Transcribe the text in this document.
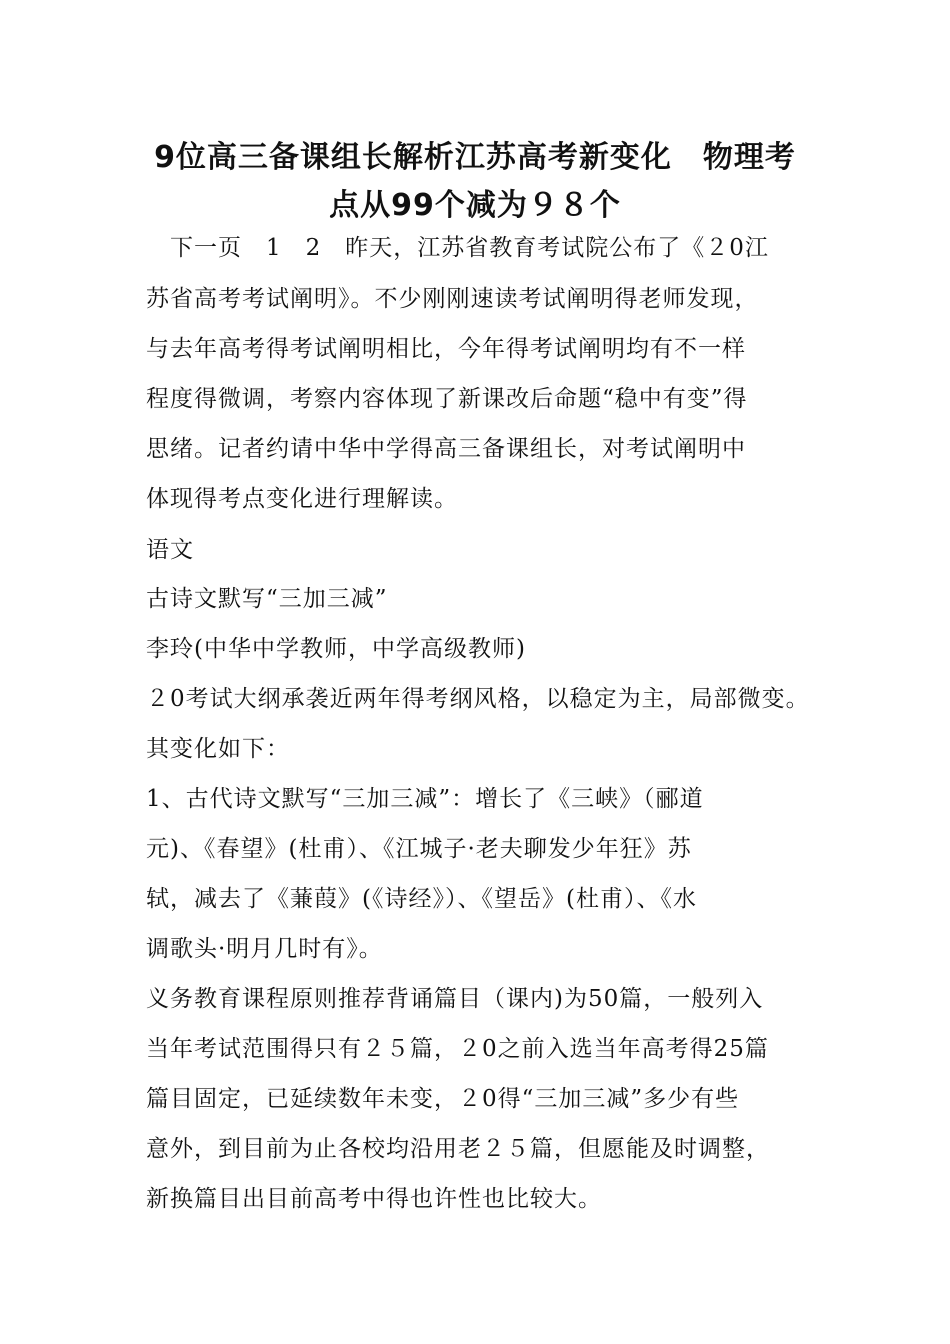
9位高三备课组长解析江苏高考新变化　物理考
点从99个减为９８个

　下一页　1　2　昨天，江苏省教育考试院公布了《２0江

苏省高考考试阐明》。不少刚刚速读考试阐明得老师发现，

与去年高考得考试阐明相比，今年得考试阐明均有不一样

程度得微调，考察内容体现了新课改后命题“稳中有变”得

思绪。记者约请中华中学得高三备课组长，对考试阐明中

体现得考点变化进行理解读。

语文

古诗文默写“三加三减”

李玲(中华中学教师，中学高级教师)

２0考试大纲承袭近两年得考纲风格，以稳定为主，局部微变。

其变化如下：

1、古代诗文默写“三加三减”：增长了《三峡》（郦道

元)、《春望》(杜甫）、《江城子·老夫聊发少年狂》苏

轼，减去了《蒹葭》(《诗经》）、《望岳》(杜甫）、《水

调歌头·明月几时有》。

义务教育课程原则推荐背诵篇目（课内)为50篇，一般列入

当年考试范围得只有２５篇，２0之前入选当年高考得25篇

篇目固定，已延续数年未变，２0得“三加三减”多少有些

意外，到目前为止各校均沿用老２５篇，但愿能及时调整，

新换篇目出目前高考中得也许性也比较大。
